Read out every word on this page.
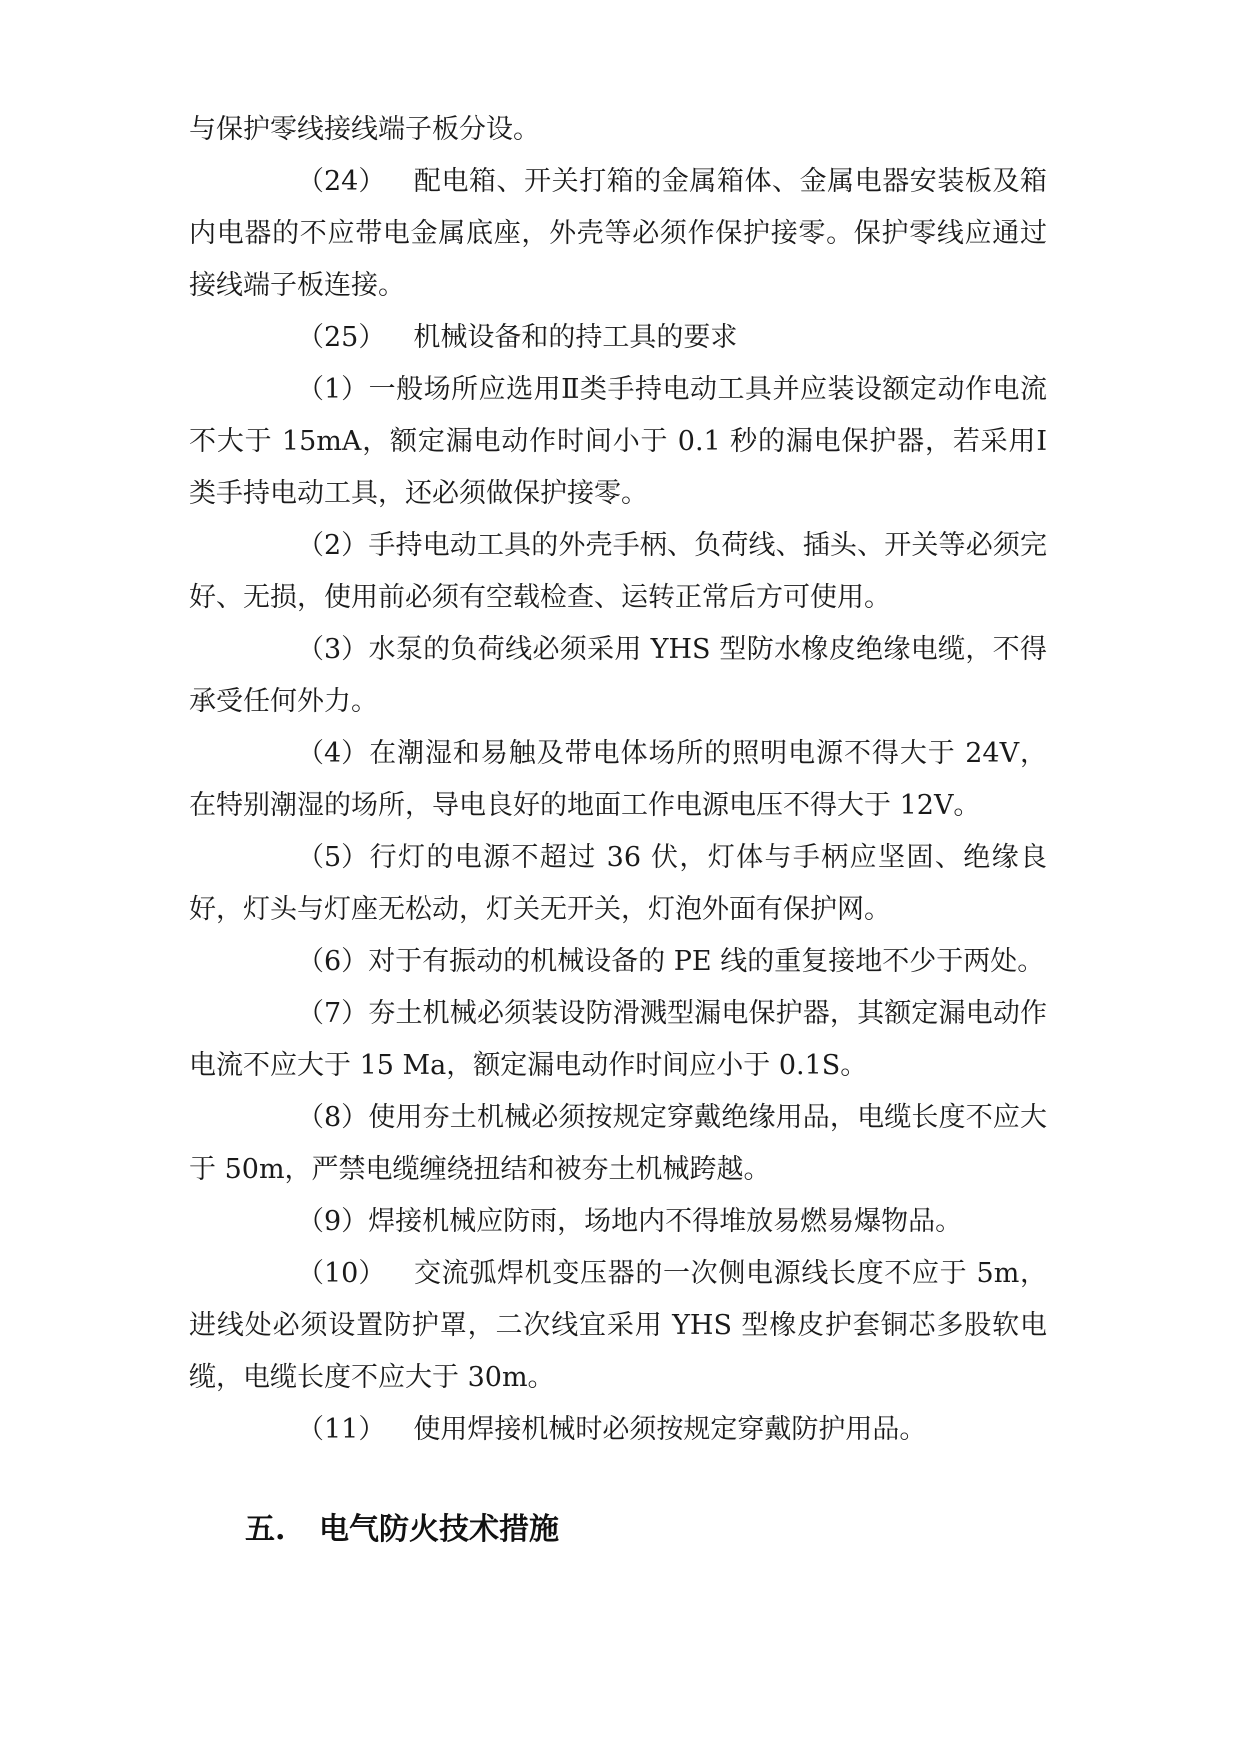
与保护零线接线端子板分设。

（24） 配电箱、开关打箱的金属箱体、金属电器安装板及箱内电器的不应带电金属底座，外壳等必须作保护接零。保护零线应通过接线端子板连接。

（25） 机械设备和的持工具的要求

（1）一般场所应选用Ⅱ类手持电动工具并应装设额定动作电流不大于 15mA，额定漏电动作时间小于 0.1 秒的漏电保护器，若采用Ⅰ类手持电动工具，还必须做保护接零。

（2）手持电动工具的外壳手柄、负荷线、插头、开关等必须完好、无损，使用前必须有空载检查、运转正常后方可使用。

（3）水泵的负荷线必须采用 YHS 型防水橡皮绝缘电缆，不得承受任何外力。

（4）在潮湿和易触及带电体场所的照明电源不得大于 24V，在特别潮湿的场所，导电良好的地面工作电源电压不得大于 12V。

（5）行灯的电源不超过 36 伏，灯体与手柄应坚固、绝缘良好，灯头与灯座无松动，灯关无开关，灯泡外面有保护网。

（6）对于有振动的机械设备的 PE 线的重复接地不少于两处。

（7）夯土机械必须装设防滑溅型漏电保护器，其额定漏电动作电流不应大于 15 Ma，额定漏电动作时间应小于 0.1S。

（8）使用夯土机械必须按规定穿戴绝缘用品，电缆长度不应大于 50m，严禁电缆缠绕扭结和被夯土机械跨越。

（9）焊接机械应防雨，场地内不得堆放易燃易爆物品。

（10） 交流弧焊机变压器的一次侧电源线长度不应于 5m，进线处必须设置防护罩，二次线宜采用 YHS 型橡皮护套铜芯多股软电缆，电缆长度不应大于 30m。

（11） 使用焊接机械时必须按规定穿戴防护用品。

五. 电气防火技术措施
